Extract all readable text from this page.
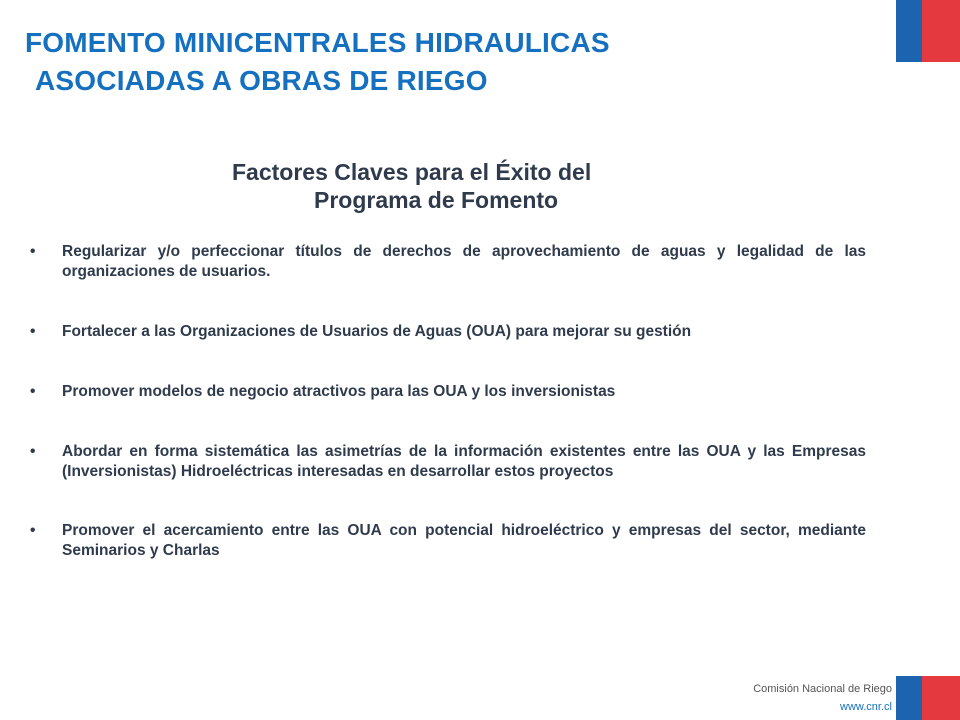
FOMENTO MINICENTRALES HIDRAULICAS
ASOCIADAS A OBRAS DE RIEGO
Factores Claves para el Éxito del
Programa de Fomento
•	Regularizar y/o perfeccionar títulos de derechos de aprovechamiento de aguas y legalidad de las organizaciones de usuarios.
•	Fortalecer a las Organizaciones de Usuarios de Aguas (OUA) para mejorar su gestión
•	Promover modelos de negocio atractivos para las OUA y los inversionistas
•	Abordar en forma sistemática las asimetrías de la información existentes entre las OUA y las Empresas (Inversionistas) Hidroeléctricas interesadas en desarrollar estos proyectos
•	Promover el acercamiento entre las OUA con potencial hidroeléctrico y empresas del sector, mediante Seminarios y Charlas
Comisión Nacional de Riego
www.cnr.cl
